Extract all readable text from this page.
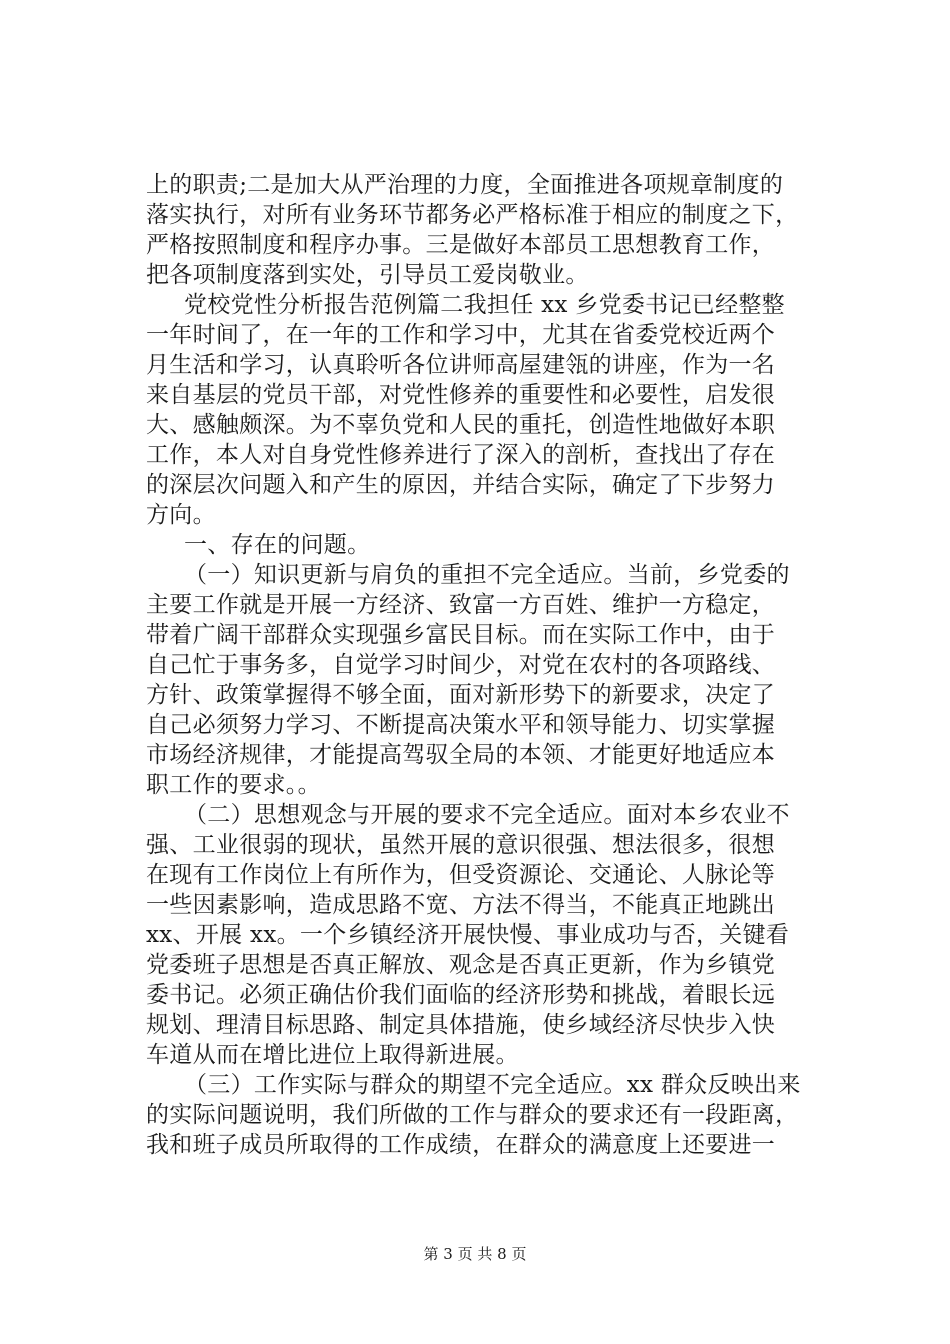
上的职责;二是加大从严治理的力度，全面推进各项规章制度的
落实执行，对所有业务环节都务必严格标准于相应的制度之下，
严格按照制度和程序办事。三是做好本部员工思想教育工作，
把各项制度落到实处，引导员工爱岗敬业。
党校党性分析报告范例篇二我担任 xx 乡党委书记已经整整
一年时间了，在一年的工作和学习中，尤其在省委党校近两个
月生活和学习，认真聆听各位讲师高屋建瓴的讲座，作为一名
来自基层的党员干部，对党性修养的重要性和必要性，启发很
大、感触颇深。为不辜负党和人民的重托，创造性地做好本职
工作，本人对自身党性修养进行了深入的剖析，查找出了存在
的深层次问题入和产生的原因，并结合实际，确定了下步努力
方向。
一、存在的问题。
（一）知识更新与肩负的重担不完全适应。当前，乡党委的
主要工作就是开展一方经济、致富一方百姓、维护一方稳定，
带着广阔干部群众实现强乡富民目标。而在实际工作中，由于
自己忙于事务多，自觉学习时间少，对党在农村的各项路线、
方针、政策掌握得不够全面，面对新形势下的新要求，决定了
自己必须努力学习、不断提高决策水平和领导能力、切实掌握
市场经济规律，才能提高驾驭全局的本领、才能更好地适应本
职工作的要求。。
（二）思想观念与开展的要求不完全适应。面对本乡农业不
强、工业很弱的现状，虽然开展的意识很强、想法很多，很想
在现有工作岗位上有所作为，但受资源论、交通论、人脉论等
一些因素影响，造成思路不宽、方法不得当，不能真正地跳出
xx、开展 xx。一个乡镇经济开展快慢、事业成功与否，关键看
党委班子思想是否真正解放、观念是否真正更新，作为乡镇党
委书记。必须正确估价我们面临的经济形势和挑战，着眼长远
规划、理清目标思路、制定具体措施，使乡域经济尽快步入快
车道从而在增比进位上取得新进展。
（三）工作实际与群众的期望不完全适应。xx 群众反映出来
的实际问题说明，我们所做的工作与群众的要求还有一段距离，
我和班子成员所取得的工作成绩，在群众的满意度上还要进一
第 3 页 共 8 页
